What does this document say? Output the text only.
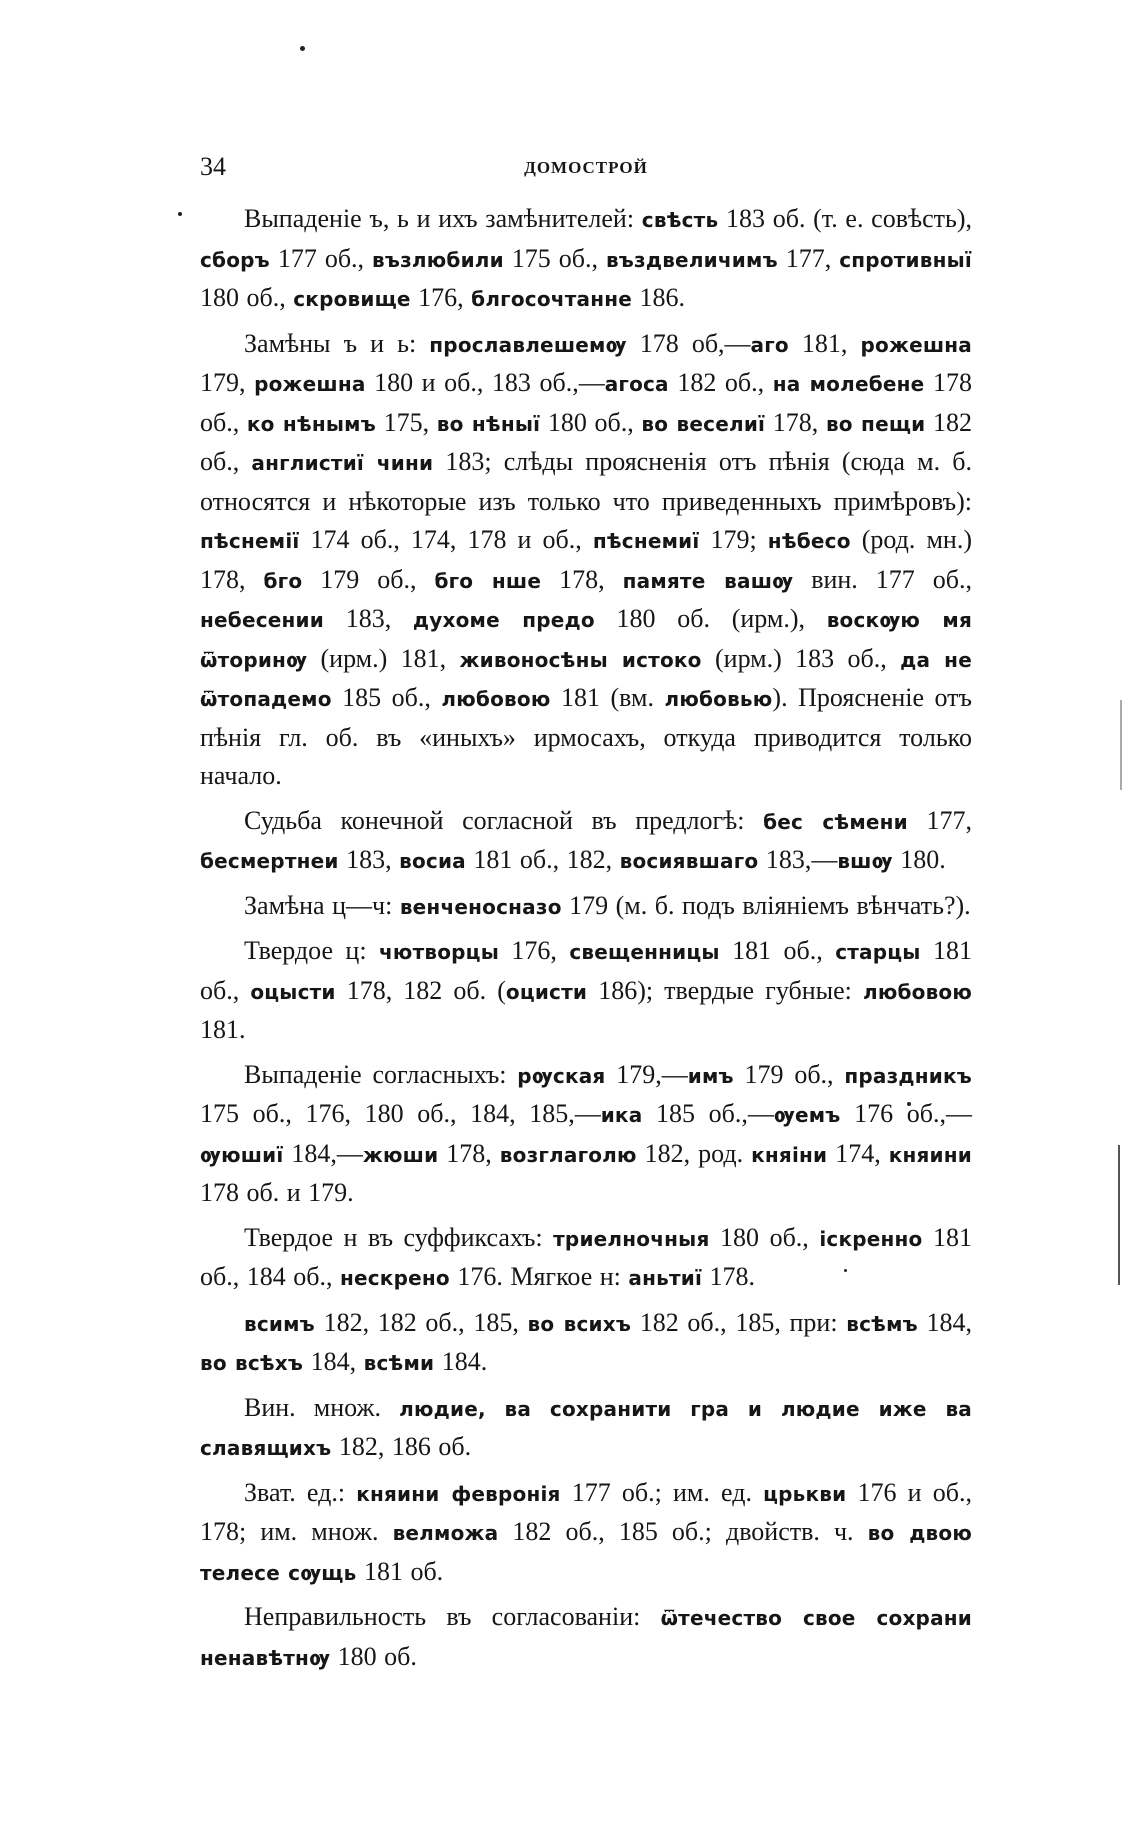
34	ДОМОСТРОЙ

Выпаденіе ъ, ь и ихъ замѣнителей: свѣсть 183 об. (т. е. совѣсть), сборъ 177 об., възлюбили 175 об., въздвеличимъ 177, спротивныї 180 об., скровище 176, блгосочтанне 186.

Замѣны ъ и ь: прославлешемѹ 178 об,—аго 181, рожешна 179, рожешна 180 и об., 183 об.,—агоса 182 об., на молебене 178 об., ко нѣнымъ 175, во нѣныї 180 об., во веселиї 178, во пещи 182 об., англистиї чини 183; слѣды проясненія отъ пѣнія (сюда м. б. относятся и нѣкоторые изъ только что приведенныхъ примѣровъ): пѣснемії 174 об., 174, 178 и об., пѣснемиї 179; нѣбесо (род. мн.) 178, бго 179 об., бго нше 178, памяте вашѹ вин. 177 об., небесении 183, духоме предо 180 об. (ирм.), воскѹю мя ѿторинѹ (ирм.) 181, живоносѣны истоко (ирм.) 183 об., да не ѿтопадемо 185 об., любовою 181 (вм. любовью). Проясненіе отъ пѣнія гл. об. въ «иныхъ» ирмосахъ, откуда приводится только начало.

Судьба конечной согласной въ предлогѣ: бес сѣмени 177, бесмертнеи 183, восиа 181 об., 182, восиявшаго 183,—вшѹ 180.

Замѣна ц—ч: венченосназо 179 (м. б. подъ вліяніемъ вѣнчать?).

Твердое ц: чютворцы 176, свещенницы 181 об., старцы 181 об., оцысти 178, 182 об. (оцисти 186); твердые губные: любовою 181.

Выпаденіе согласныхъ: рѹская 179,—имъ 179 об., праздникъ 175 об., 176, 180 об., 184, 185,—ика 185 об.,—ѹемъ 176 об.,—ѹюшиї 184,—жюши 178, возглаголю 182, род. княіни 174, княини 178 об. и 179.

Твердое н въ суффиксахъ: триелночныя 180 об., іскренно 181 об., 184 об., нескрено 176. Мягкое н: аньтиї 178.

всимъ 182, 182 об., 185, во всихъ 182 об., 185, при: всѣмъ 184, во всѣхъ 184, всѣми 184.

Вин. множ. людие, ва сохранити гра и людие иже ва славящихъ 182, 186 об.

Зват. ед.: княини февронія 177 об.; им. ед. црькви 176 и об., 178; им. множ. велможа 182 об., 185 об.; двойств. ч. во двою телесе сѹщь 181 об.

Неправильность въ согласованіи: ѿтечество свое сохрани ненавѣтнѹ 180 об.
